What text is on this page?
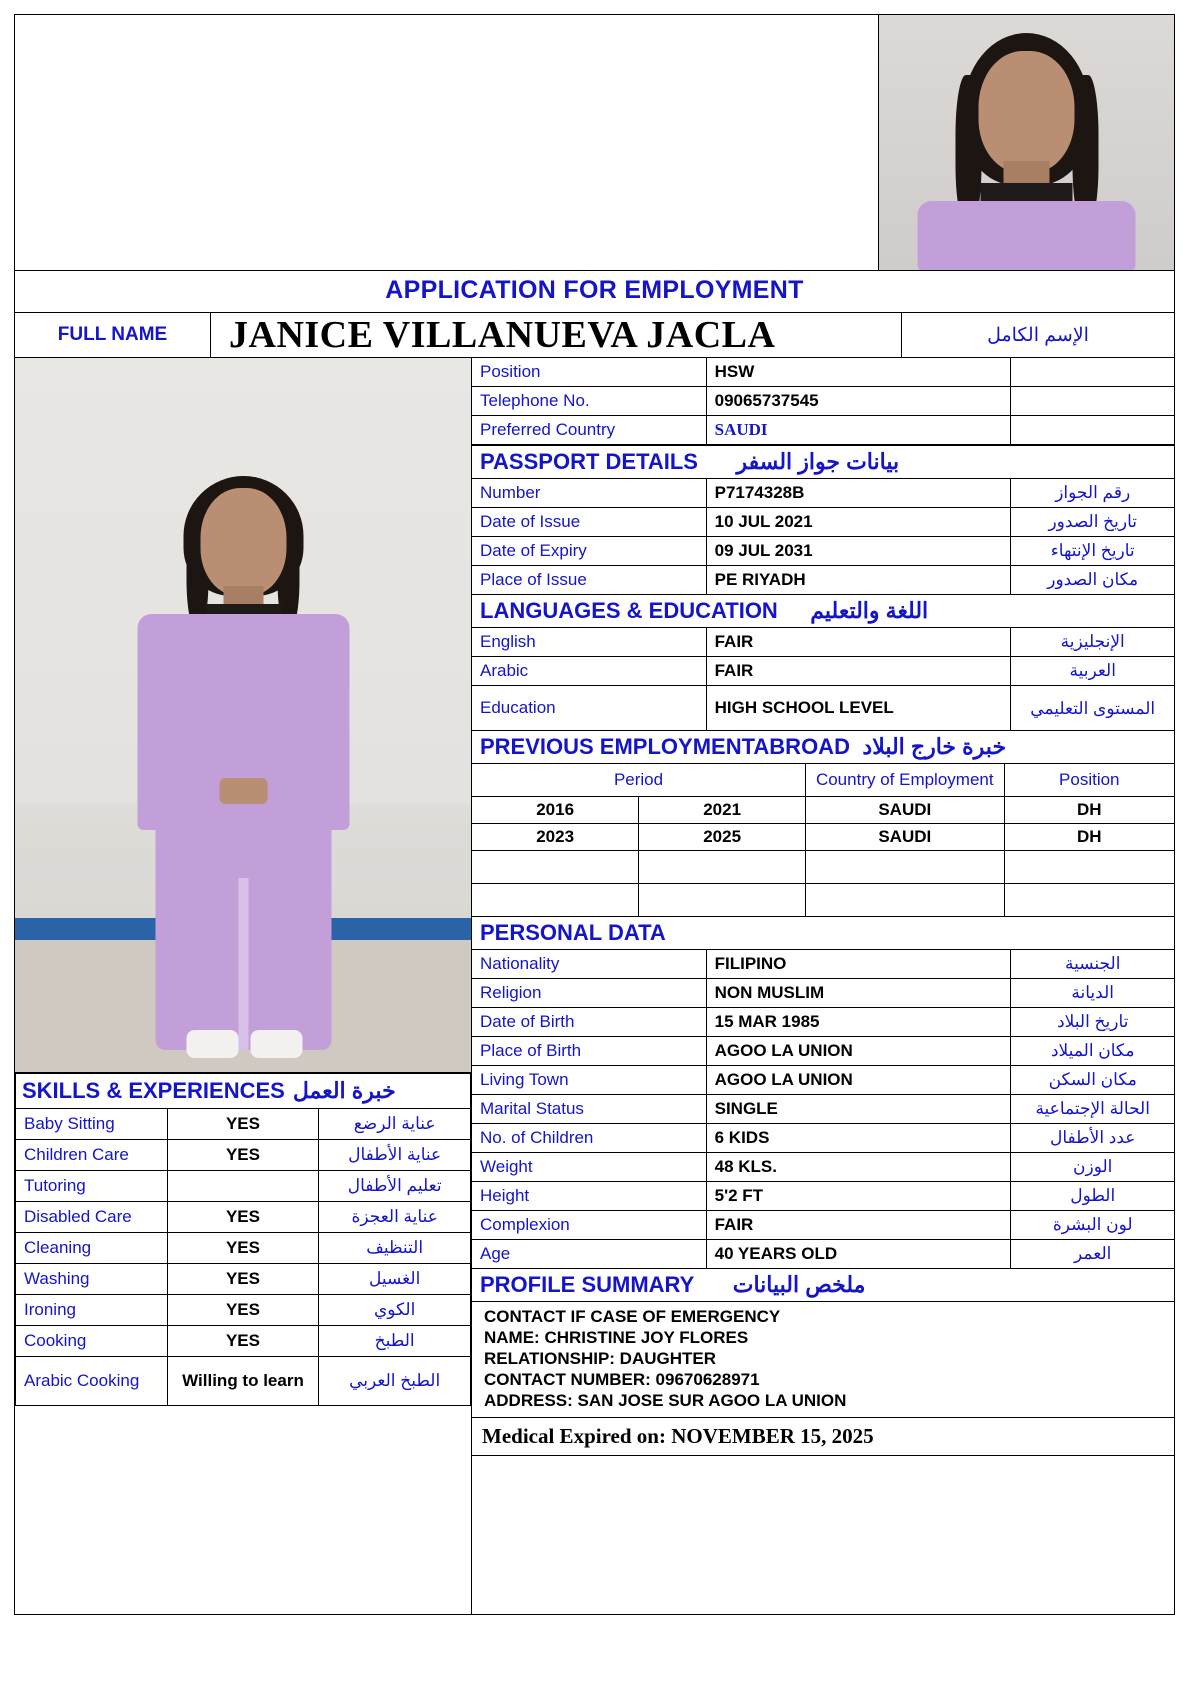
APPLICATION FOR EMPLOYMENT
FULL NAME	JANICE VILLANUEVA JACLA	الإسم الكامل
SKILLS & EXPERIENCES خبرة العمل		
Baby Sitting	YES	عناية الرضع
Children Care	YES	عناية الأطفال
Tutoring		تعليم الأطفال
Disabled Care	YES	عناية العجزة
Cleaning	YES	التنظيف
Washing	YES	الغسيل
Ironing	YES	الكوي
Cooking	YES	الطبخ
Arabic Cooking	Willing to learn	الطبخ العربي
Position	HSW	
Telephone No.	09065737545	
Preferred Country	SAUDI	
PASSPORT DETAILS بيانات جواز السفر
Number	P7174328B	رقم الجواز
Date of Issue	10 JUL 2021	تاريخ الصدور
Date of Expiry	09 JUL 2031	تاريخ الإنتهاء
Place of Issue	PE RIYADH	مكان الصدور
LANGUAGES & EDUCATION اللغة والتعليم
English	FAIR	الإنجليزية
Arabic	FAIR	العربية
Education	HIGH SCHOOL LEVEL	المستوى التعليمي
PREVIOUS EMPLOYMENTABROAD خبرة خارج البلاد
Period		Country of Employment	Position
2016	2021	SAUDI	DH
2023	2025	SAUDI	DH

PERSONAL DATA
Nationality	FILIPINO	الجنسية
Religion	NON MUSLIM	الديانة
Date of Birth	15 MAR 1985	تاريخ البلاد
Place of Birth	AGOO LA UNION	مكان الميلاد
Living Town	AGOO LA UNION	مكان السكن
Marital Status	SINGLE	الحالة الإجتماعية
No. of Children	6 KIDS	عدد الأطفال
Weight	48 KLS.	الوزن
Height	5'2 FT	الطول
Complexion	FAIR	لون البشرة
Age	40 YEARS OLD	العمر
PROFILE SUMMARY ملخص البيانات
CONTACT IF CASE OF EMERGENCY
NAME: CHRISTINE JOY FLORES
RELATIONSHIP: DAUGHTER
CONTACT NUMBER: 09670628971
ADDRESS: SAN JOSE SUR AGOO LA UNION
Medical Expired on: NOVEMBER 15, 2025
